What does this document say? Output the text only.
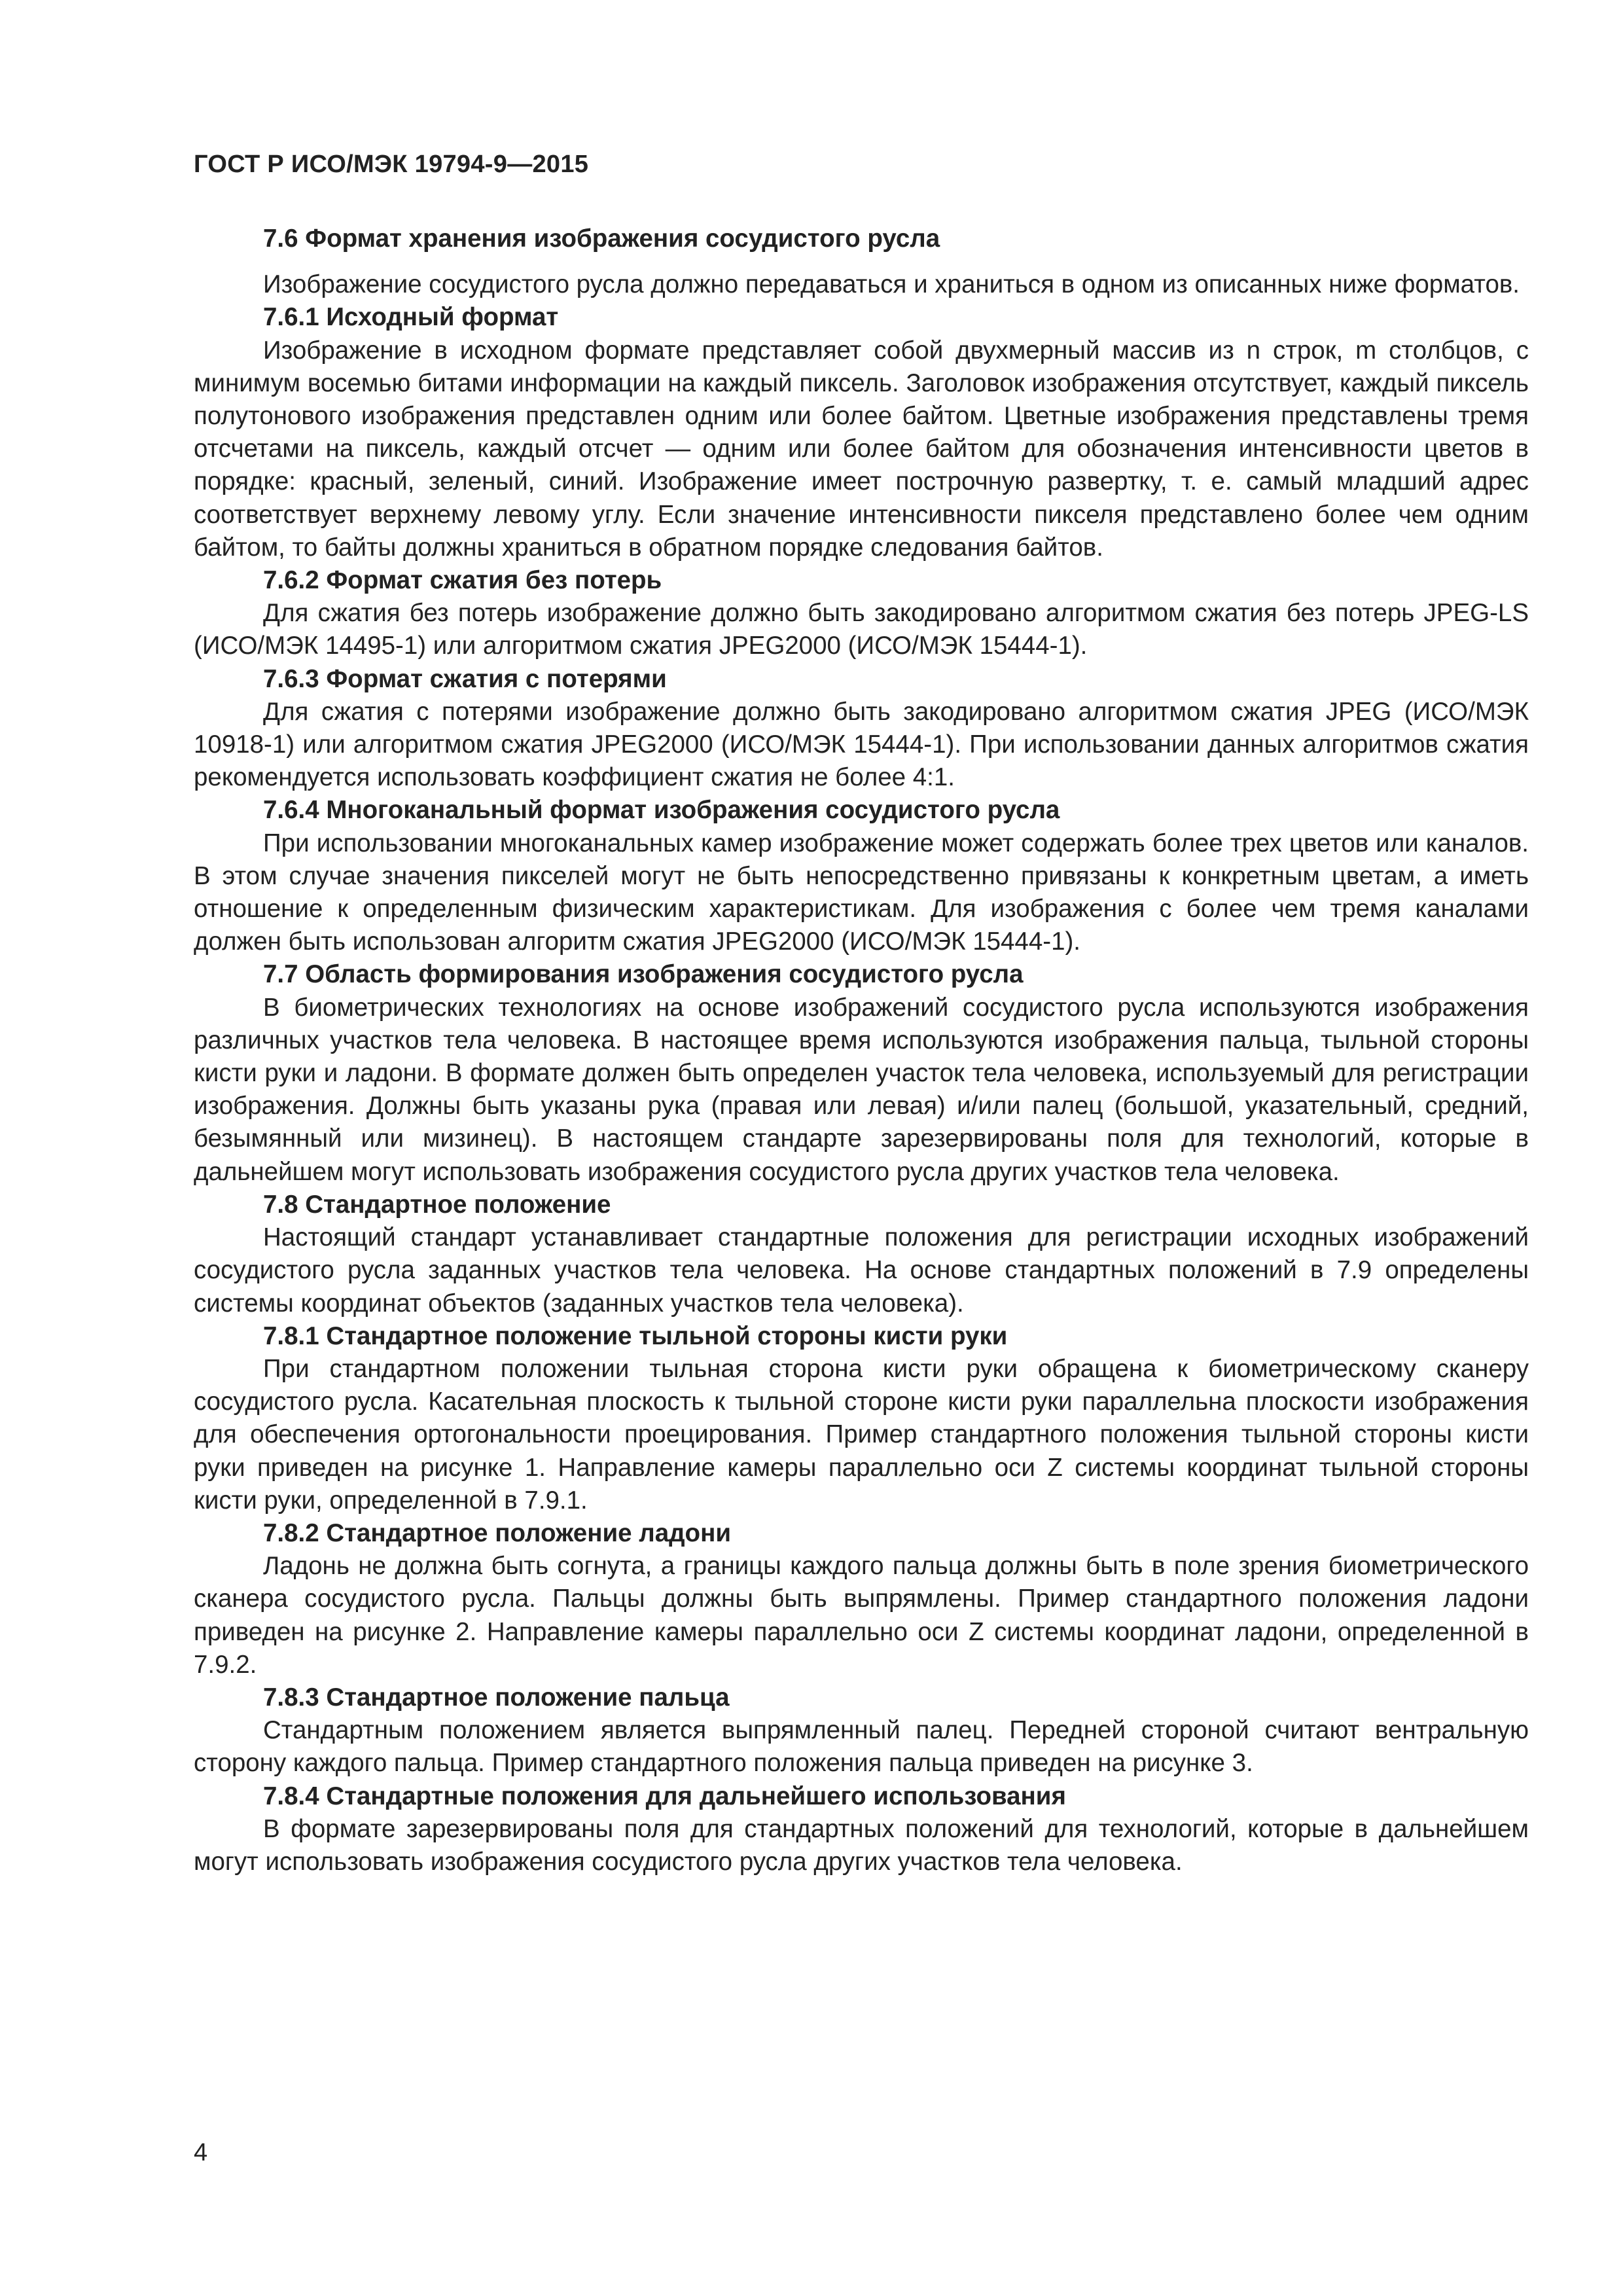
ГОСТ Р ИСО/МЭК 19794-9—2015
7.6 Формат хранения изображения сосудистого русла

Изображение сосудистого русла должно передаваться и храниться в одном из описанных ниже форматов.

7.6.1 Исходный формат

Изображение в исходном формате представляет собой двухмерный массив из n строк, m столбцов, с минимум восемью битами информации на каждый пиксель. Заголовок изображения отсутствует, каждый пиксель полутонового изображения представлен одним или более байтом. Цветные изображения представлены тремя отсчетами на пиксель, каждый отсчет — одним или более байтом для обозначения интенсивности цветов в порядке: красный, зеленый, синий. Изображение имеет построчную развертку, т. е. самый младший адрес соответствует верхнему левому углу. Если значение интенсивности пикселя представлено более чем одним байтом, то байты должны храниться в обратном порядке следования байтов.

7.6.2 Формат сжатия без потерь

Для сжатия без потерь изображение должно быть закодировано алгоритмом сжатия без потерь JPEG-LS (ИСО/МЭК 14495-1) или алгоритмом сжатия JPEG2000 (ИСО/МЭК 15444-1).

7.6.3 Формат сжатия с потерями

Для сжатия с потерями изображение должно быть закодировано алгоритмом сжатия JPEG (ИСО/МЭК 10918-1) или алгоритмом сжатия JPEG2000 (ИСО/МЭК 15444-1). При использовании данных алгоритмов сжатия рекомендуется использовать коэффициент сжатия не более 4:1.

7.6.4 Многоканальный формат изображения сосудистого русла

При использовании многоканальных камер изображение может содержать более трех цветов или каналов. В этом случае значения пикселей могут не быть непосредственно привязаны к конкретным цветам, а иметь отношение к определенным физическим характеристикам. Для изображения с более чем тремя каналами должен быть использован алгоритм сжатия JPEG2000 (ИСО/МЭК 15444-1).

7.7 Область формирования изображения сосудистого русла

В биометрических технологиях на основе изображений сосудистого русла используются изображения различных участков тела человека. В настоящее время используются изображения пальца, тыльной стороны кисти руки и ладони. В формате должен быть определен участок тела человека, используемый для регистрации изображения. Должны быть указаны рука (правая или левая) и/или палец (большой, указательный, средний, безымянный или мизинец). В настоящем стандарте зарезервированы поля для технологий, которые в дальнейшем могут использовать изображения сосудистого русла других участков тела человека.

7.8 Стандартное положение

Настоящий стандарт устанавливает стандартные положения для регистрации исходных изображений сосудистого русла заданных участков тела человека. На основе стандартных положений в 7.9 определены системы координат объектов (заданных участков тела человека).

7.8.1 Стандартное положение тыльной стороны кисти руки

При стандартном положении тыльная сторона кисти руки обращена к биометрическому сканеру сосудистого русла. Касательная плоскость к тыльной стороне кисти руки параллельна плоскости изображения для обеспечения ортогональности проецирования. Пример стандартного положения тыльной стороны кисти руки приведен на рисунке 1. Направление камеры параллельно оси Z системы координат тыльной стороны кисти руки, определенной в 7.9.1.

7.8.2 Стандартное положение ладони

Ладонь не должна быть согнута, а границы каждого пальца должны быть в поле зрения биометрического сканера сосудистого русла. Пальцы должны быть выпрямлены. Пример стандартного положения ладони приведен на рисунке 2. Направление камеры параллельно оси Z системы координат ладони, определенной в 7.9.2.

7.8.3 Стандартное положение пальца

Стандартным положением является выпрямленный палец. Передней стороной считают вентральную сторону каждого пальца. Пример стандартного положения пальца приведен на рисунке 3.

7.8.4 Стандартные положения для дальнейшего использования

В формате зарезервированы поля для стандартных положений для технологий, которые в дальнейшем могут использовать изображения сосудистого русла других участков тела человека.

4
